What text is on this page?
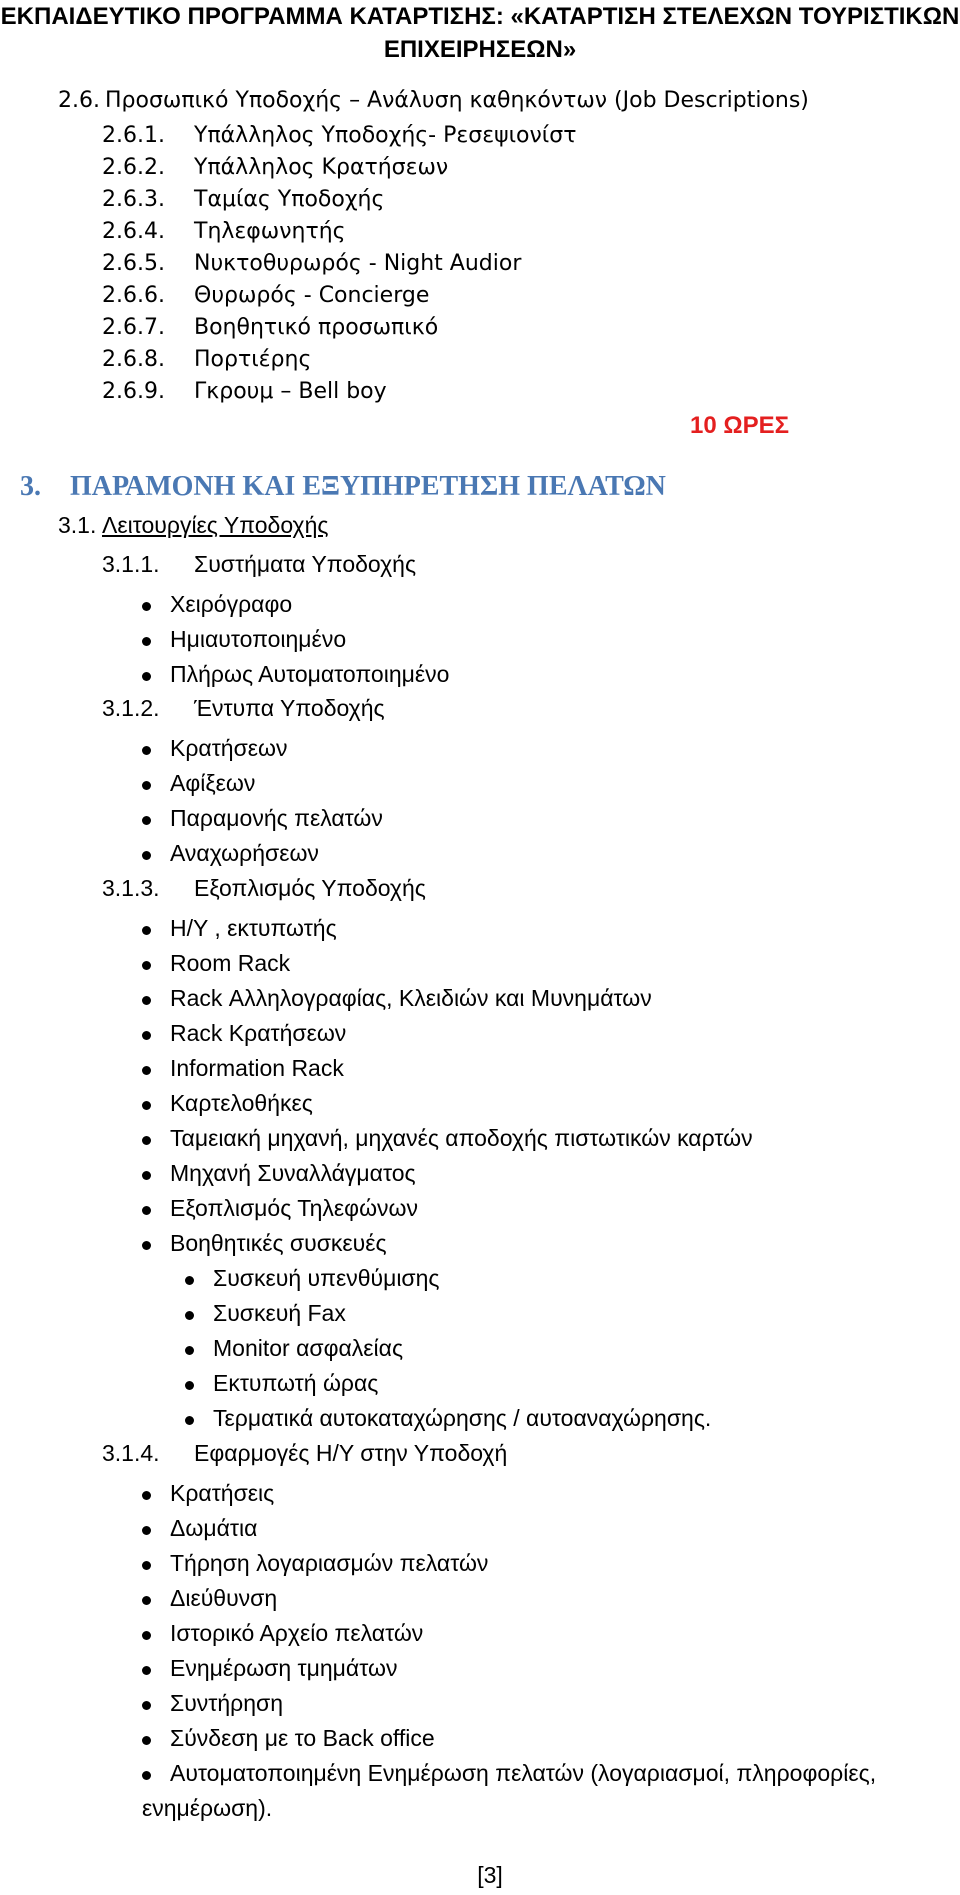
ΕΚΠΑΙΔΕΥΤΙΚΟ ΠΡΟΓΡΑΜΜΑ ΚΑΤΑΡΤΙΣΗΣ: «ΚΑΤΑΡΤΙΣΗ ΣΤΕΛΕΧΩΝ ΤΟΥΡΙΣΤΙΚΩΝ
ΕΠΙΧΕΙΡΗΣΕΩΝ»
2.6. Προσωπικό Υποδοχής – Ανάλυση καθηκόντων (Job Descriptions)
2.6.1. Υπάλληλος Υποδοχής- Ρεσεψιονίστ
2.6.2. Υπάλληλος Κρατήσεων
2.6.3. Ταμίας Υποδοχής
2.6.4. Τηλεφωνητής
2.6.5. Νυκτοθυρωρός - Night Audior
2.6.6. Θυρωρός - Concierge
2.6.7. Βοηθητικό προσωπικό
2.6.8. Πορτιέρης
2.6.9. Γκρουμ – Bell boy
10 ΩΡΕΣ
3. ΠΑΡΑΜΟΝΗ ΚΑΙ ΕΞΥΠΗΡΕΤΗΣΗ ΠΕΛΑΤΩΝ
3.1. Λειτουργίες Υποδοχής
3.1.1. Συστήματα Υποδοχής
Χειρόγραφο
Ημιαυτοποιημένο
Πλήρως Αυτοματοποιημένο
3.1.2. Έντυπα Υποδοχής
Κρατήσεων
Αφίξεων
Παραμονής πελατών
Αναχωρήσεων
3.1.3. Εξοπλισμός Υποδοχής
Η/Υ , εκτυπωτής
Room Rack
Rack Αλληλογραφίας, Κλειδιών και Μυνημάτων
Rack Κρατήσεων
Information Rack
Καρτελοθήκες
Ταμειακή μηχανή, μηχανές αποδοχής πιστωτικών καρτών
Μηχανή Συναλλάγματος
Εξοπλισμός Τηλεφώνων
Βοηθητικές συσκευές
Συσκευή υπενθύμισης
Συσκευή Fax
Monitor ασφαλείας
Εκτυπωτή ώρας
Τερματικά αυτοκαταχώρησης / αυτοαναχώρησης.
3.1.4. Εφαρμογές Η/Υ στην Υποδοχή
Κρατήσεις
Δωμάτια
Τήρηση λογαριασμών πελατών
Διεύθυνση
Ιστορικό Αρχείο πελατών
Ενημέρωση τμημάτων
Συντήρηση
Σύνδεση με το Back office
Αυτοματοποιημένη Ενημέρωση πελατών (λογαριασμοί, πληροφορίες,
ενημέρωση).
[3]
